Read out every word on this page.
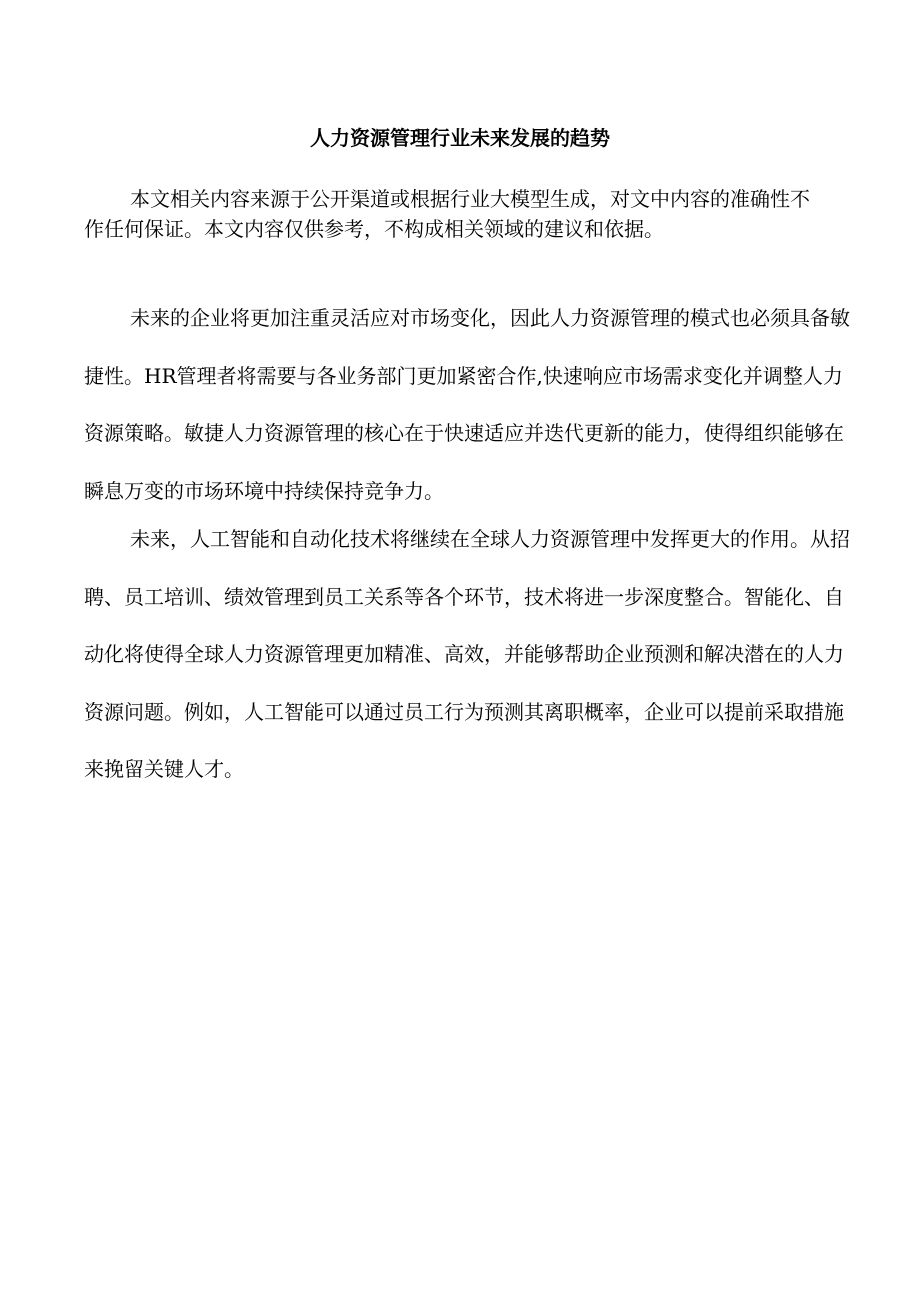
人力资源管理行业未来发展的趋势

本文相关内容来源于公开渠道或根据行业大模型生成，对文中内容的准确性不作任何保证。本文内容仅供参考，不构成相关领域的建议和依据。

未来的企业将更加注重灵活应对市场变化，因此人力资源管理的模式也必须具备敏捷性。HR管理者将需要与各业务部门更加紧密合作,快速响应市场需求变化并调整人力资源策略。敏捷人力资源管理的核心在于快速适应并迭代更新的能力，使得组织能够在瞬息万变的市场环境中持续保持竞争力。

未来，人工智能和自动化技术将继续在全球人力资源管理中发挥更大的作用。从招聘、员工培训、绩效管理到员工关系等各个环节，技术将进一步深度整合。智能化、自动化将使得全球人力资源管理更加精准、高效，并能够帮助企业预测和解决潜在的人力资源问题。例如，人工智能可以通过员工行为预测其离职概率，企业可以提前采取措施来挽留关键人才。
